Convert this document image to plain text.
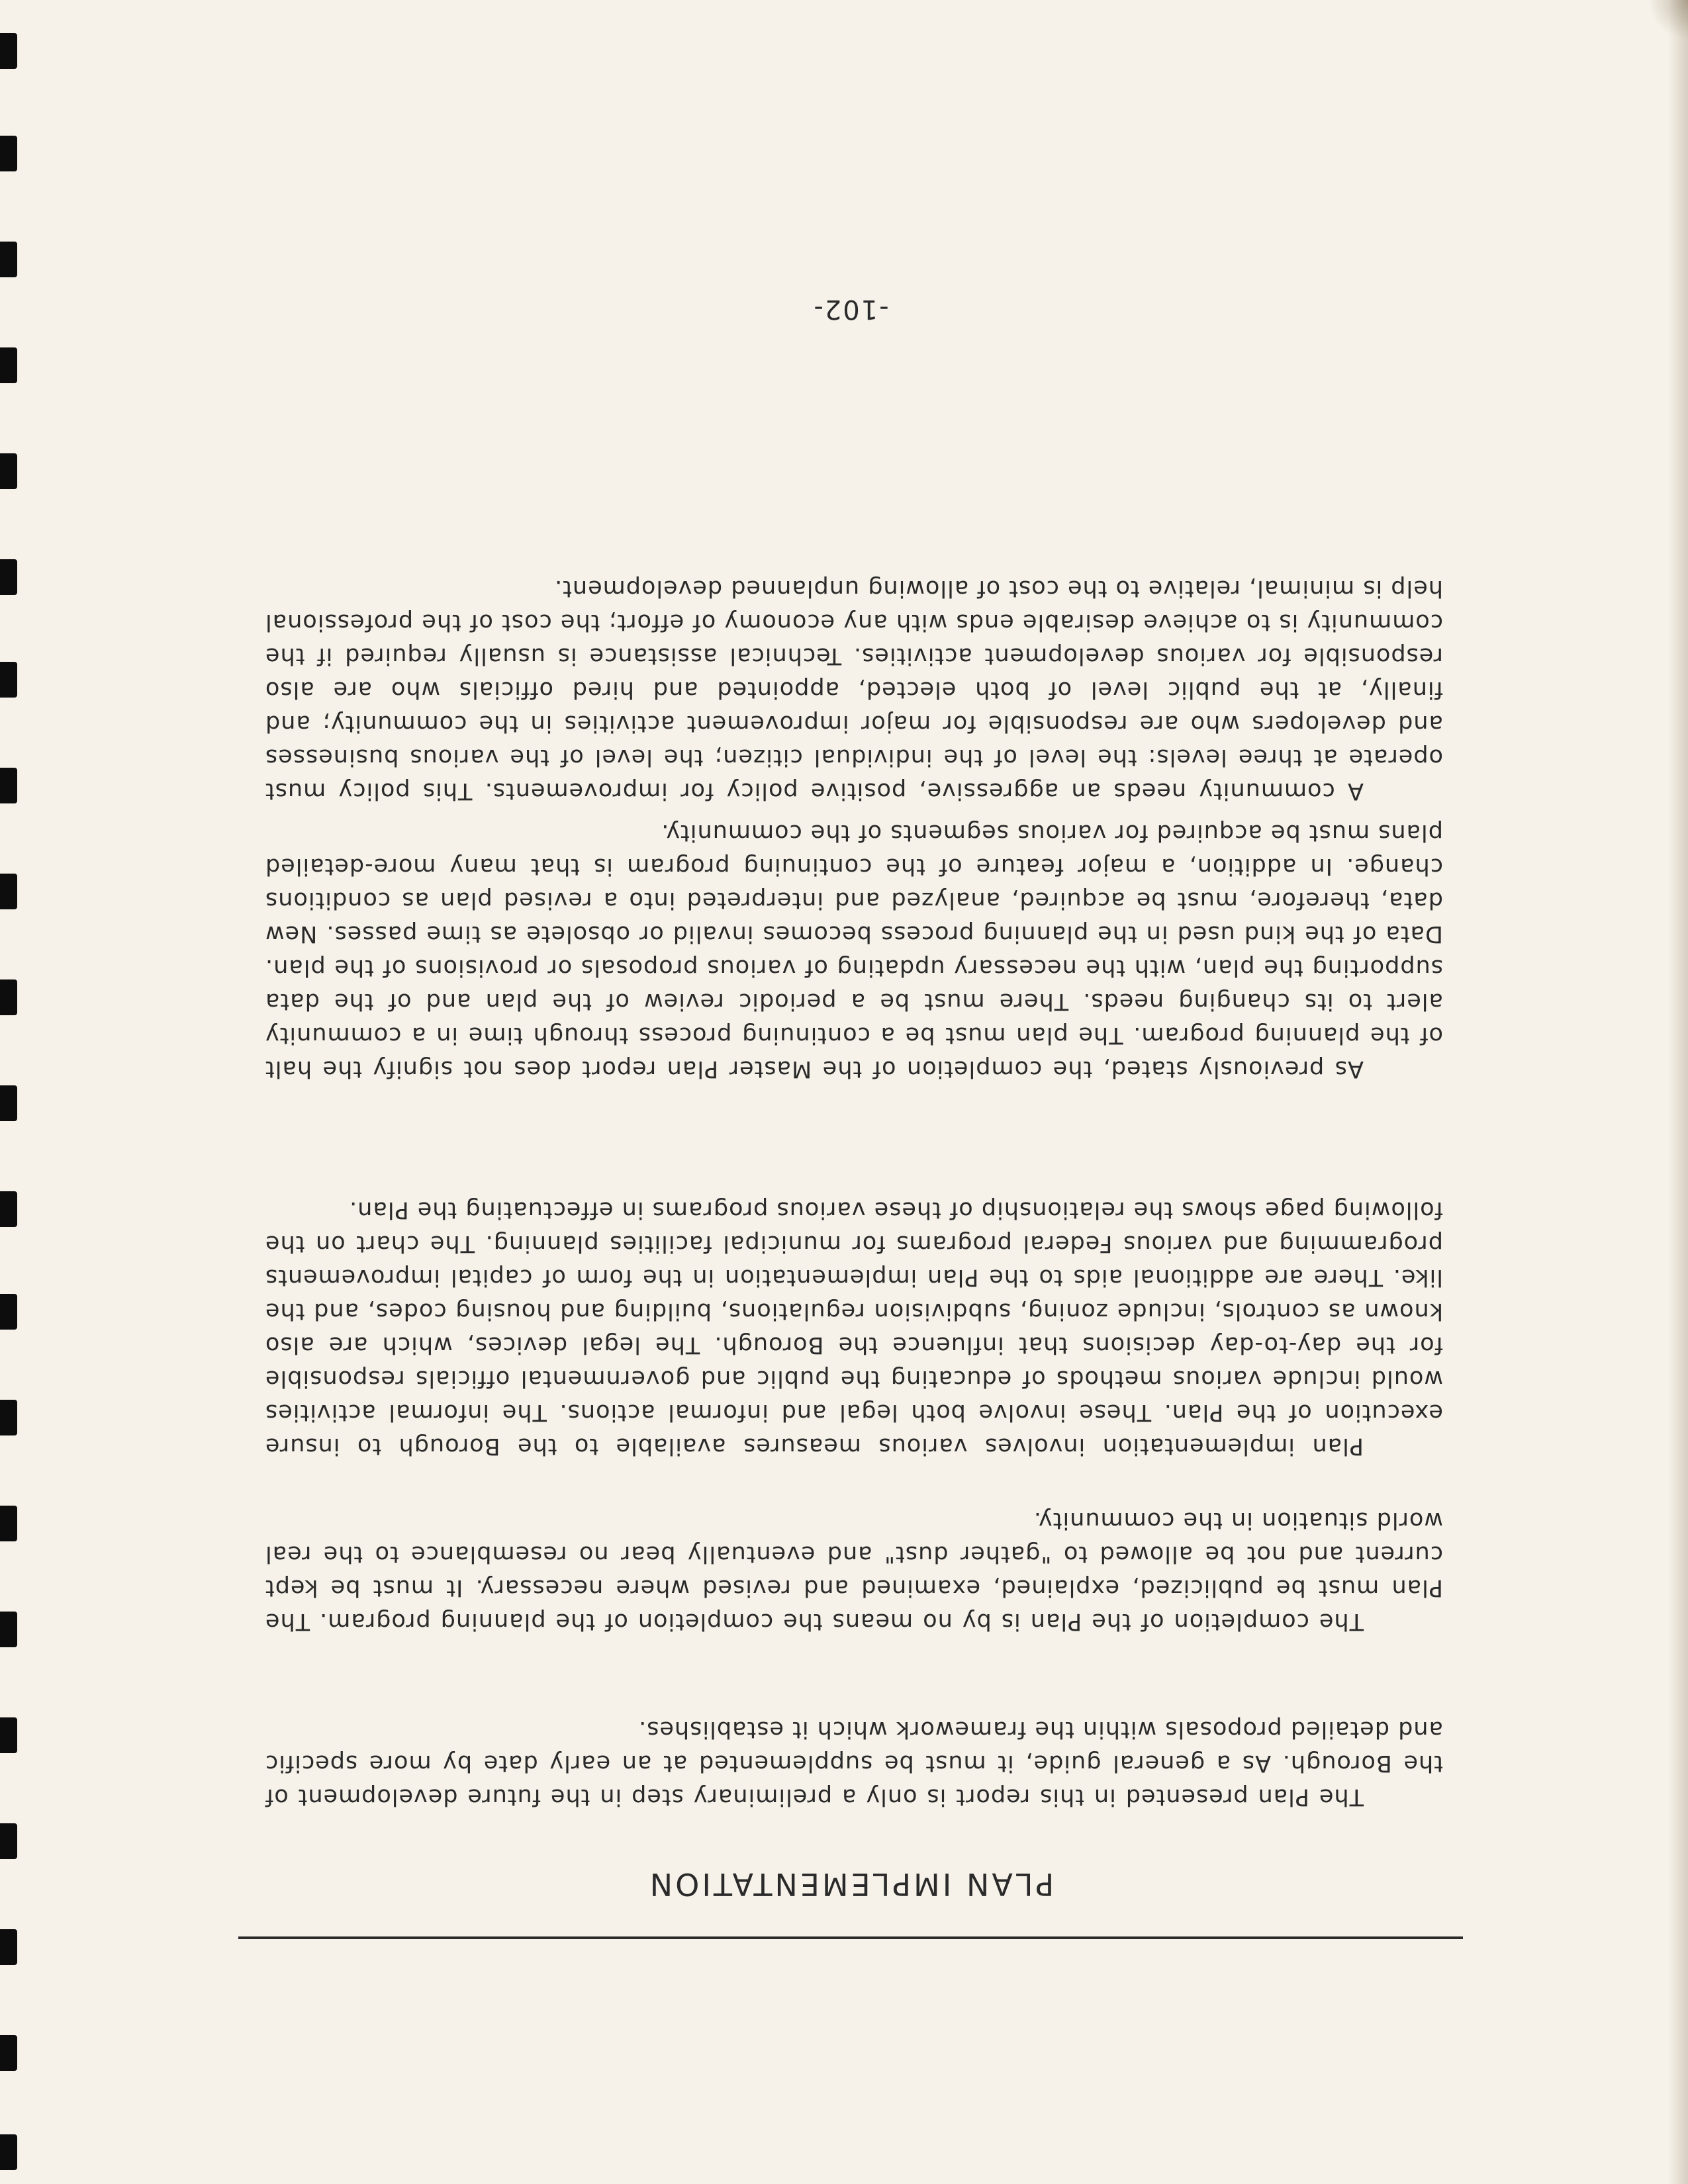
PLAN IMPLEMENTATION

The Plan presented in this report is only a preliminary step in the future development of the Borough. As a general guide, it must be supplemented at an early date by more specific and detailed proposals within the framework which it establishes.

The completion of the Plan is by no means the completion of the planning program. The Plan must be publicized, explained, examined and revised where necessary. It must be kept current and not be allowed to "gather dust" and eventually bear no resemblance to the real world situation in the community.

Plan implementation involves various measures available to the Borough to insure execution of the Plan. These involve both legal and informal actions. The informal activities would include various methods of educating the public and governmental officials responsible for the day-to-day decisions that influence the Borough. The legal devices, which are also known as controls, include zoning, subdivision regulations, building and housing codes, and the like. There are additional aids to the Plan implementation in the form of capital improvements programming and various Federal programs for municipal facilities planning. The chart on the following page shows the relationship of these various programs in effectuating the Plan.

As previously stated, the completion of the Master Plan report does not signify the halt of the planning program. The plan must be a continuing process through time in a community alert to its changing needs. There must be a periodic review of the plan and of the data supporting the plan, with the necessary updating of various proposals or provisions of the plan. Data of the kind used in the planning process becomes invalid or obsolete as time passes. New data, therefore, must be acquired, analyzed and interpreted into a revised plan as conditions change. In addition, a major feature of the continuing program is that many more-detailed plans must be acquired for various segments of the community.

A community needs an aggressive, positive policy for improvements. This policy must operate at three levels: the level of the individual citizen; the level of the various businesses and developers who are responsible for major improvement activities in the community; and finally, at the public level of both elected, appointed and hired officials who are also responsible for various development activities. Technical assistance is usually required if the community is to achieve desirable ends with any economy of effort; the cost of the professional help is minimal, relative to the cost of allowing unplanned development.

-102-
